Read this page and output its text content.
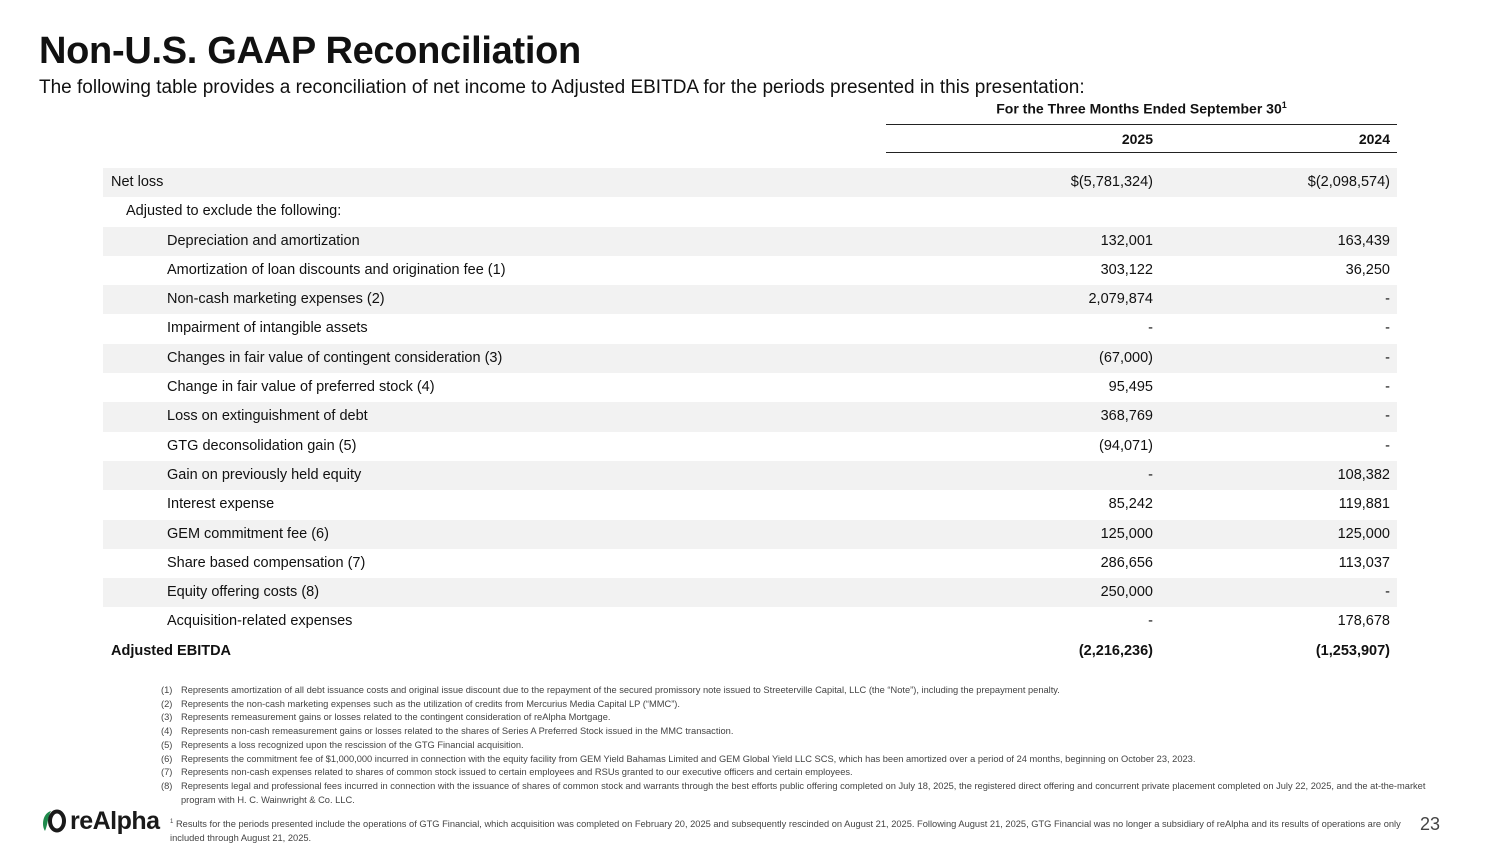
Non-U.S. GAAP Reconciliation
The following table provides a reconciliation of net income to Adjusted EBITDA for the periods presented in this presentation:
For the Three Months Ended September $30^1$
2025	2024
Net loss	$(5,781,324)	$(2,098,574)
Adjusted to exclude the following:
Depreciation and amortization	132,001	163,439
Amortization of loan discounts and origination fee (1)	303,122	36,250
Non-cash marketing expenses (2)	2,079,874	-
Impairment of intangible assets	-	-
Changes in fair value of contingent consideration (3)	(67,000)	-
Change in fair value of preferred stock (4)	95,495	-
Loss on extinguishment of debt	368,769	-
GTG deconsolidation gain (5)	(94,071)	-
Gain on previously held equity	-	108,382
Interest expense	85,242	119,881
GEM commitment fee (6)	125,000	125,000
Share based compensation (7)	286,656	113,037
Equity offering costs (8)	250,000	-
Acquisition-related expenses	-	178,678
Adjusted EBITDA	(2,216,236)	(1,253,907)
(1) Represents amortization of all debt issuance costs and original issue discount due to the repayment of the secured promissory note issued to Streeterville Capital, LLC (the “Note”), including the prepayment penalty.
(2) Represents the non-cash marketing expenses such as the utilization of credits from Mercurius Media Capital LP (“MMC”).
(3) Represents remeasurement gains or losses related to the contingent consideration of reAlpha Mortgage.
(4) Represents non-cash remeasurement gains or losses related to the shares of Series A Preferred Stock issued in the MMC transaction.
(5) Represents a loss recognized upon the rescission of the GTG Financial acquisition.
(6) Represents the commitment fee of $1,000,000 incurred in connection with the equity facility from GEM Yield Bahamas Limited and GEM Global Yield LLC SCS, which has been amortized over a period of 24 months, beginning on October 23, 2023.
(7) Represents non-cash expenses related to shares of common stock issued to certain employees and RSUs granted to our executive officers and certain employees.
(8) Represents legal and professional fees incurred in connection with the issuance of shares of common stock and warrants through the best efforts public offering completed on July 18, 2025, the registered direct offering and concurrent private placement completed on July 22, 2025, and the at-the-market program with H. C. Wainwright & Co. LLC.
reAlpha $^1$ Results for the periods presented include the operations of GTG Financial, which acquisition was completed on February 20, 2025 and subsequently rescinded on August 21, 2025. Following August 21, 2025, GTG Financial was no longer a subsidiary of reAlpha and its results of operations are only included through August 21, 2025.
23
